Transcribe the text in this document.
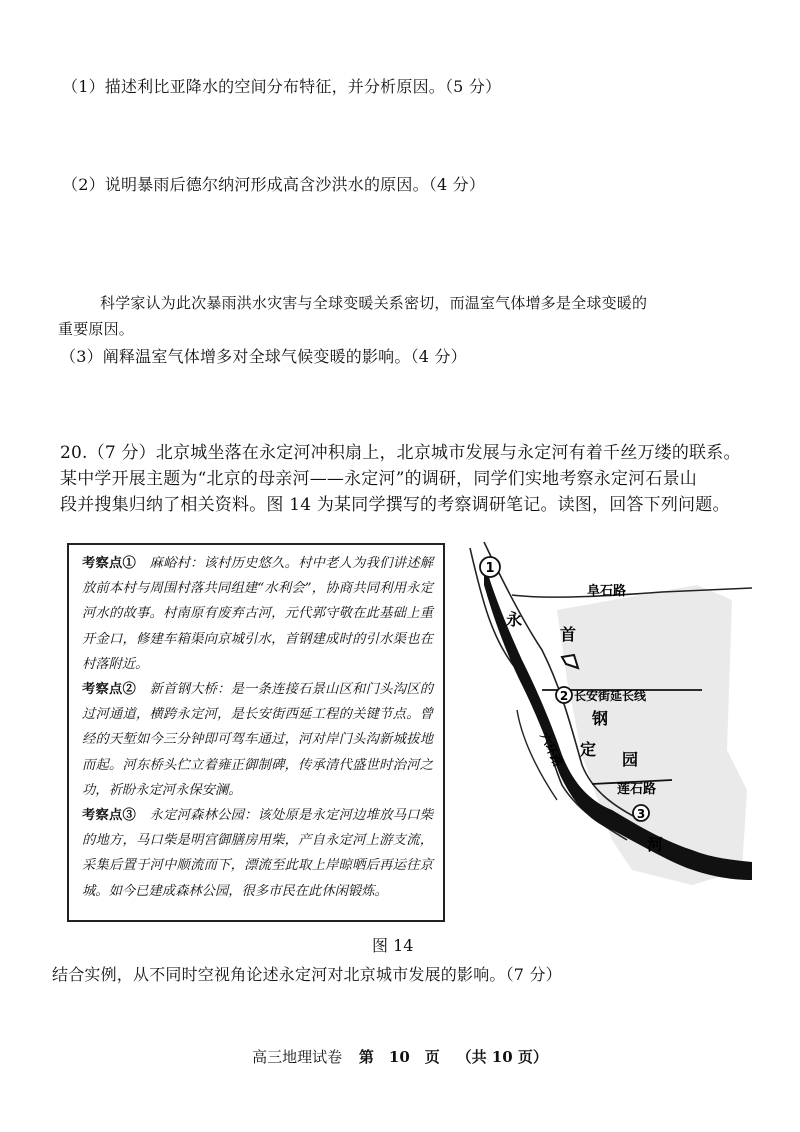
（1）描述利比亚降水的空间分布特征，并分析原因。（5 分）
（2）说明暴雨后德尔纳河形成高含沙洪水的原因。（4 分）
科学家认为此次暴雨洪水灾害与全球变暖关系密切，而温室气体增多是全球变暖的
重要原因。
（3）阐释温室气体增多对全球气候变暖的影响。（4 分）
20.（7 分）北京城坐落在永定河冲积扇上，北京城市发展与永定河有着千丝万缕的联系。
某中学开展主题为“北京的母亲河——永定河”的调研，同学们实地考察永定河石景山
段并搜集归纳了相关资料。图 14 为某同学撰写的考察调研笔记。读图，回答下列问题。

考察点①　麻峪村：该村历史悠久。村中老人为我们讲述解放前本村与周围村落共同组建“水利会”，协商共同利用永定河水的故事。村南原有废弃古河，元代郭守敬在此基础上重开金口，修建车箱渠向京城引水，首钢建成时的引水渠也在村落附近。

考察点②　新首钢大桥：是一条连接石景山区和门头沟区的过河通道，横跨永定河，是长安街西延工程的关键节点。曾经的天堑如今三分钟即可驾车通过，河对岸门头沟新城拔地而起。河东桥头伫立着雍正御制碑，传承清代盛世时治河之功，祈盼永定河永保安澜。

考察点③　永定河森林公园：该处原是永定河边堆放马口柴的地方，马口柴是明宫御膳房用柴，产自永定河上游支流，采集后置于河中顺流而下，漂流至此取上岸晾晒后再运往京城。如今已建成森林公园，很多市民在此休闲锻炼。

1
2
3
阜石路
长安街延长线
莲石路
六环路
永
首
钢
定
园
河
图 14
结合实例，从不同时空视角论述永定河对北京城市发展的影响。（7 分）
高三地理试卷 第　10　页 （共 10 页）
